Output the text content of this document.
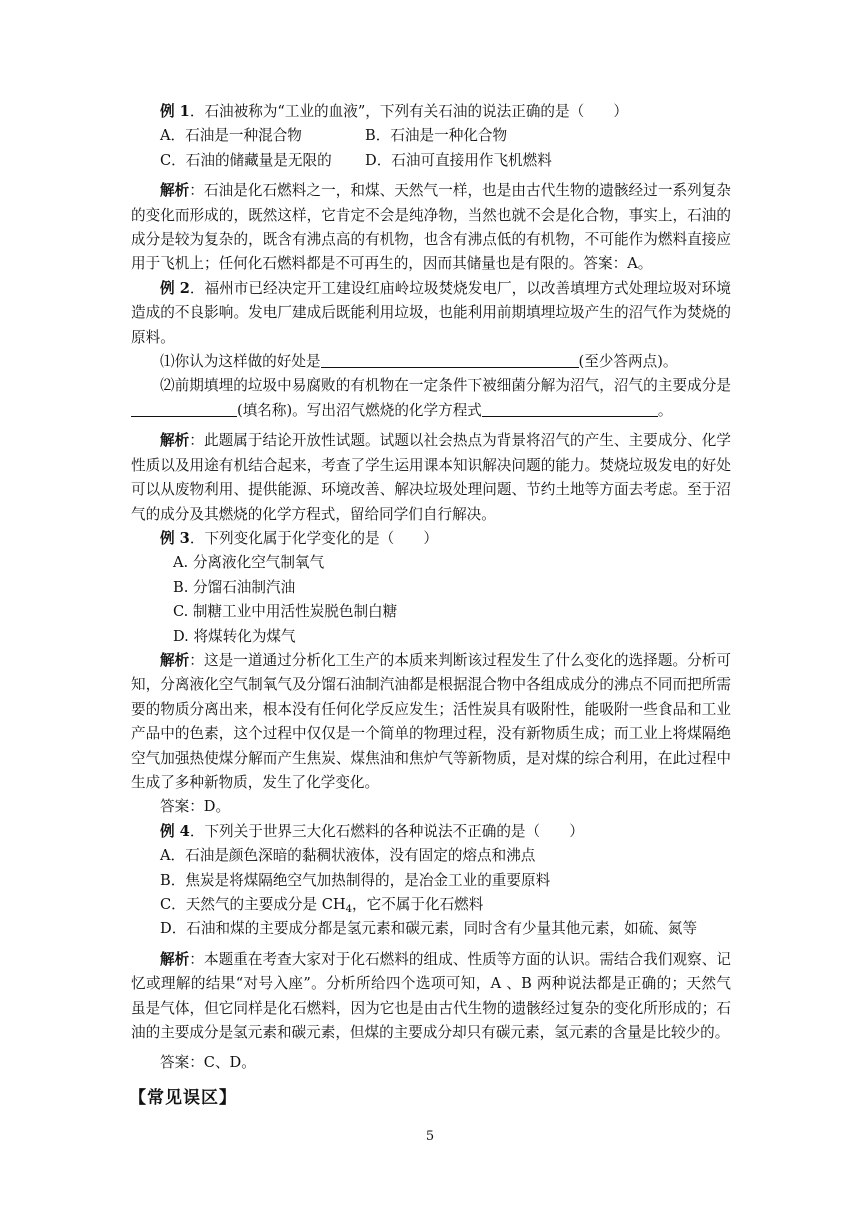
例 1．石油被称为“工业的血液”，下列有关石油的说法正确的是（　　）

A．石油是一种混合物	B．石油是一种化合物
C．石油的储藏量是无限的	D．石油可直接用作飞机燃料

解析：石油是化石燃料之一，和煤、天然气一样，也是由古代生物的遗骸经过一系列复杂的变化而形成的，既然这样，它肯定不会是纯净物，当然也就不会是化合物，事实上，石油的成分是较为复杂的，既含有沸点高的有机物，也含有沸点低的有机物，不可能作为燃料直接应用于飞机上；任何化石燃料都是不可再生的，因而其储量也是有限的。答案：A。

例 2．福州市已经决定开工建设红庙岭垃圾焚烧发电厂，以改善填埋方式处理垃圾对环境造成的不良影响。发电厂建成后既能利用垃圾，也能利用前期填埋垃圾产生的沼气作为焚烧的原料。

⑴你认为这样做的好处是	(至少答两点)。

⑵前期填埋的垃圾中易腐败的有机物在一定条件下被细菌分解为沼气，沼气的主要成分是(填名称)。写出沼气燃烧的化学方程式	。

解析：此题属于结论开放性试题。试题以社会热点为背景将沼气的产生、主要成分、化学性质以及用途有机结合起来，考查了学生运用课本知识解决问题的能力。焚烧垃圾发电的好处可以从废物利用、提供能源、环境改善、解决垃圾处理问题、节约土地等方面去考虑。至于沼气的成分及其燃烧的化学方程式，留给同学们自行解决。

例 3．下列变化属于化学变化的是（　　）

A. 分离液化空气制氧气

B. 分馏石油制汽油

C. 制糖工业中用活性炭脱色制白糖

D. 将煤转化为煤气

解析：这是一道通过分析化工生产的本质来判断该过程发生了什么变化的选择题。分析可知，分离液化空气制氧气及分馏石油制汽油都是根据混合物中各组成成分的沸点不同而把所需要的物质分离出来，根本没有任何化学反应发生；活性炭具有吸附性，能吸附一些食品和工业产品中的色素，这个过程中仅仅是一个简单的物理过程，没有新物质生成；而工业上将煤隔绝空气加强热使煤分解而产生焦炭、煤焦油和焦炉气等新物质，是对煤的综合利用，在此过程中生成了多种新物质，发生了化学变化。

答案：D。

例 4．下列关于世界三大化石燃料的各种说法不正确的是（　　）

A．石油是颜色深暗的黏稠状液体，没有固定的熔点和沸点

B．焦炭是将煤隔绝空气加热制得的，是冶金工业的重要原料

C．天然气的主要成分是 $CH_4$，它不属于化石燃料

D．石油和煤的主要成分都是氢元素和碳元素，同时含有少量其他元素，如硫、氮等

解析：本题重在考查大家对于化石燃料的组成、性质等方面的认识。需结合我们观察、记忆或理解的结果“对号入座”。分析所给四个选项可知，A 、B 两种说法都是正确的；天然气虽是气体，但它同样是化石燃料，因为它也是由古代生物的遗骸经过复杂的变化所形成的；石油的主要成分是氢元素和碳元素，但煤的主要成分却只有碳元素，氢元素的含量是比较少的。

答案：C、D。

【常见误区】

5
